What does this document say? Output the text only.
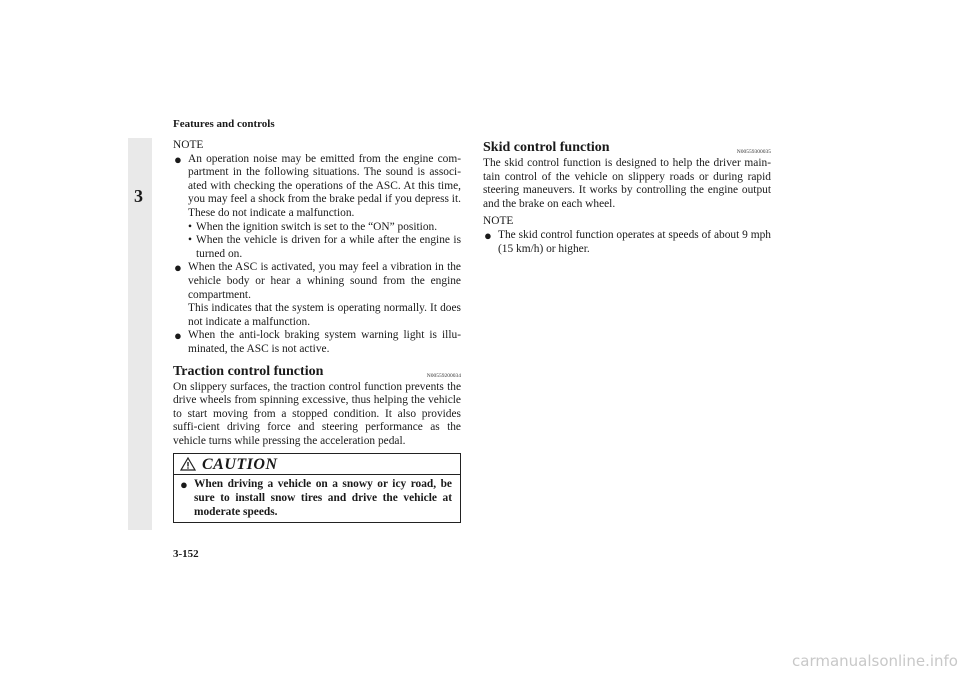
Features and controls
3
NOTE
● An operation noise may be emitted from the engine com-partment in the following situations. The sound is associ-ated with checking the operations of the ASC. At this time, you may feel a shock from the brake pedal if you depress it. These do not indicate a malfunction.
• When the ignition switch is set to the “ON” position.
• When the vehicle is driven for a while after the engine is turned on.
● When the ASC is activated, you may feel a vibration in the vehicle body or hear a whining sound from the engine compartment.
This indicates that the system is operating normally. It does not indicate a malfunction.
● When the anti-lock braking system warning light is illu-minated, the ASC is not active.
Traction control function	N00559200034
On slippery surfaces, the traction control function prevents the drive wheels from spinning excessive, thus helping the vehicle to start moving from a stopped condition. It also provides suffi-cient driving force and steering performance as the vehicle turns while pressing the acceleration pedal.
CAUTION
● When driving a vehicle on a snowy or icy road, be sure to install snow tires and drive the vehicle at moderate speeds.
Skid control function	N00559300035
The skid control function is designed to help the driver main-tain control of the vehicle on slippery roads or during rapid steering maneuvers. It works by controlling the engine output and the brake on each wheel.
NOTE
● The skid control function operates at speeds of about 9 mph (15 km/h) or higher.
3-152
carmanualsonline.info
